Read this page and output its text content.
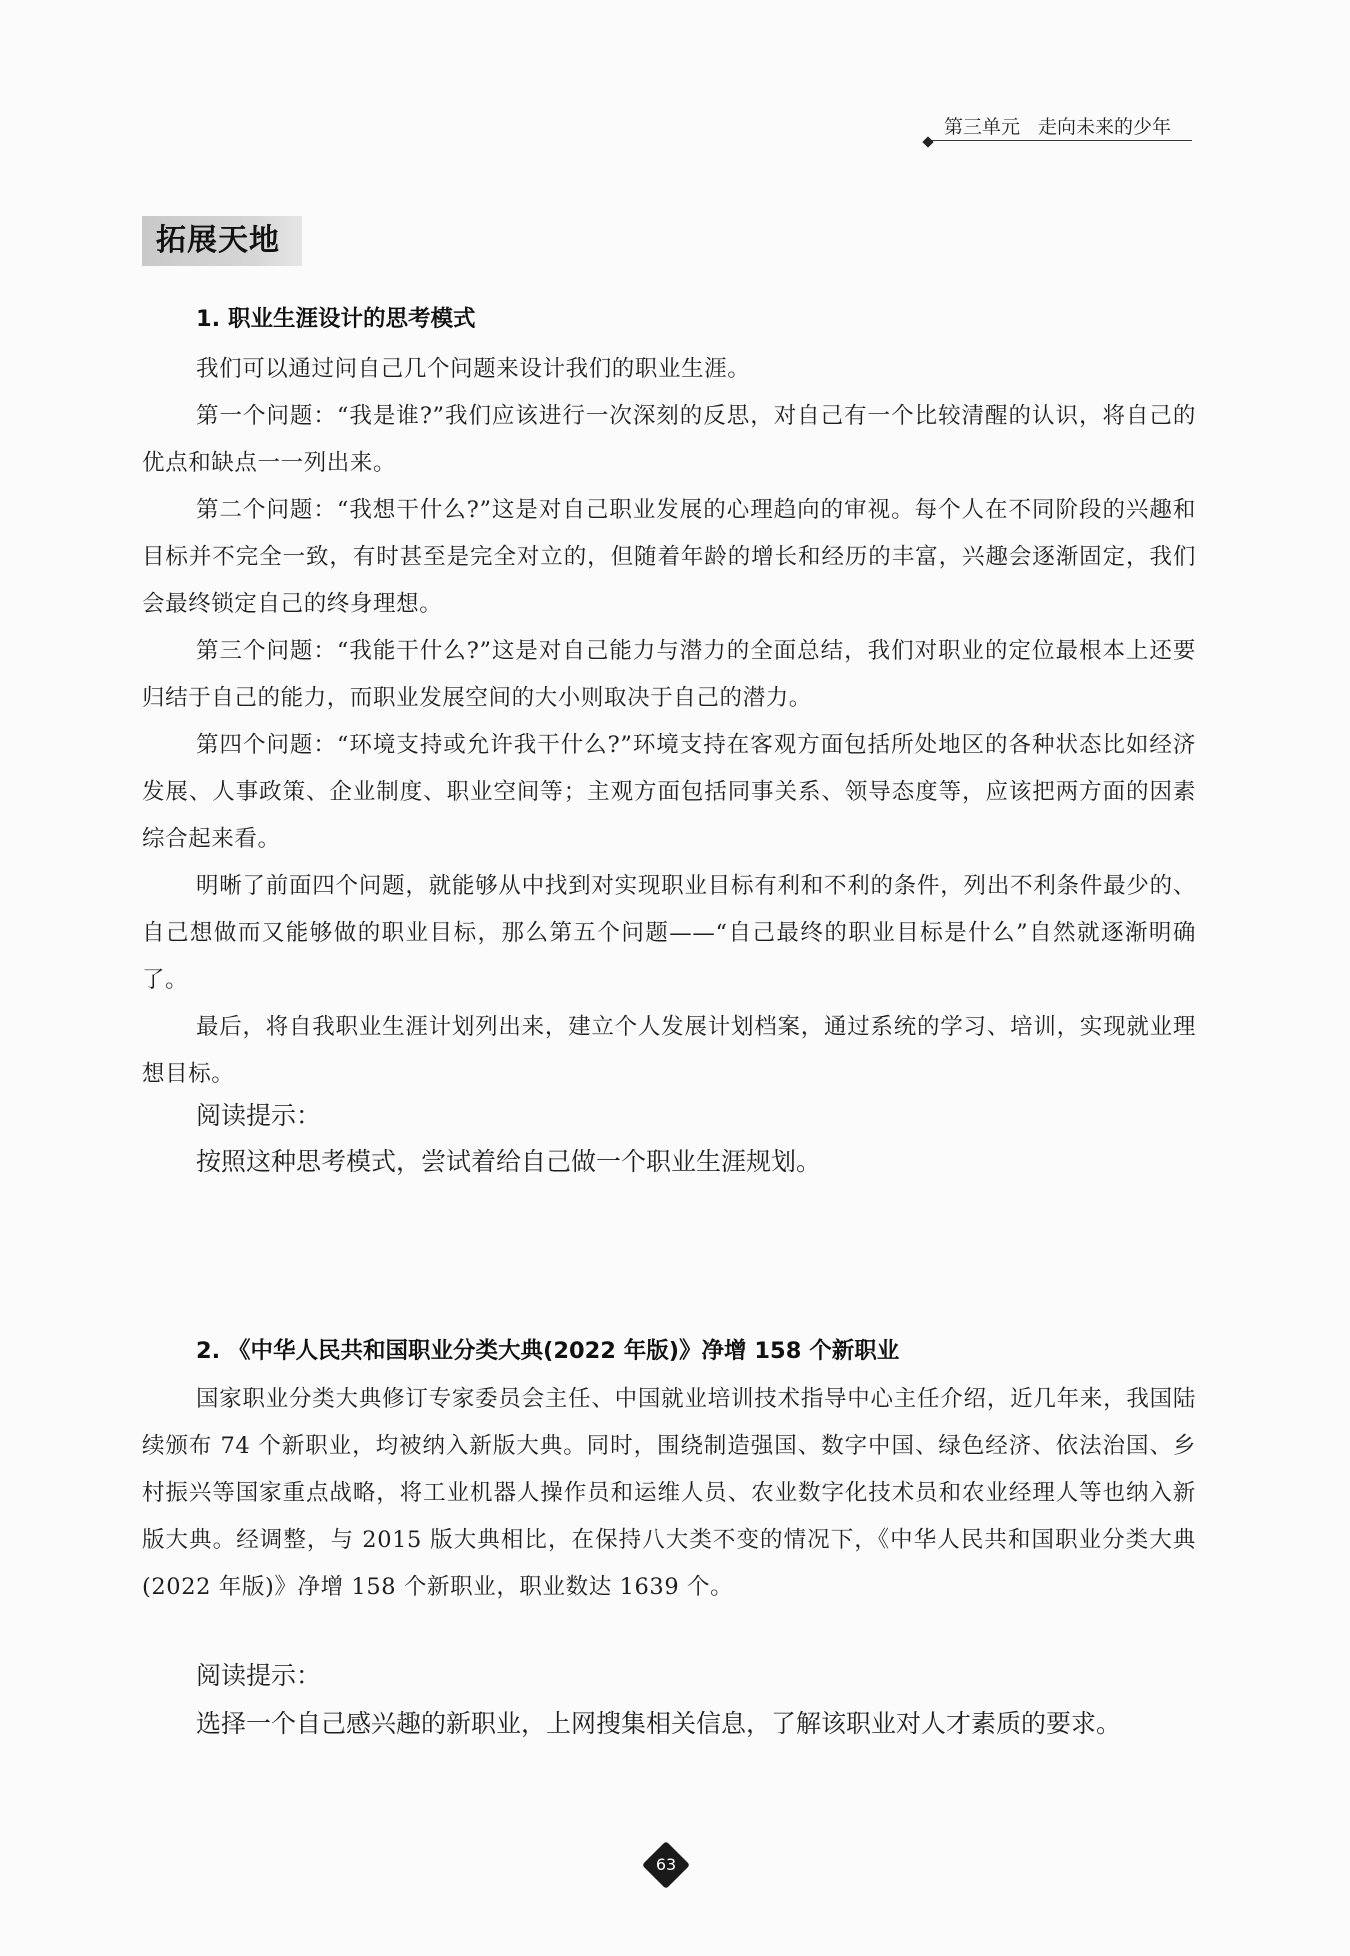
第三单元 走向未来的少年
拓展天地
1. 职业生涯设计的思考模式

我们可以通过问自己几个问题来设计我们的职业生涯。

第一个问题：“我是谁?”我们应该进行一次深刻的反思，对自己有一个比较清醒的认识，将自己的优点和缺点一一列出来。

第二个问题：“我想干什么?”这是对自己职业发展的心理趋向的审视。每个人在不同阶段的兴趣和目标并不完全一致，有时甚至是完全对立的，但随着年龄的增长和经历的丰富，兴趣会逐渐固定，我们会最终锁定自己的终身理想。

第三个问题：“我能干什么?”这是对自己能力与潜力的全面总结，我们对职业的定位最根本上还要归结于自己的能力，而职业发展空间的大小则取决于自己的潜力。

第四个问题：“环境支持或允许我干什么?”环境支持在客观方面包括所处地区的各种状态比如经济发展、人事政策、企业制度、职业空间等；主观方面包括同事关系、领导态度等，应该把两方面的因素综合起来看。

明晰了前面四个问题，就能够从中找到对实现职业目标有利和不利的条件，列出不利条件最少的、自己想做而又能够做的职业目标，那么第五个问题——“自己最终的职业目标是什么”自然就逐渐明确了。

最后，将自我职业生涯计划列出来，建立个人发展计划档案，通过系统的学习、培训，实现就业理想目标。

阅读提示：
按照这种思考模式，尝试着给自己做一个职业生涯规划。
2. 《中华人民共和国职业分类大典(2022 年版)》净增 158 个新职业

国家职业分类大典修订专家委员会主任、中国就业培训技术指导中心主任介绍，近几年来，我国陆续颁布 74 个新职业，均被纳入新版大典。同时，围绕制造强国、数字中国、绿色经济、依法治国、乡村振兴等国家重点战略，将工业机器人操作员和运维人员、农业数字化技术员和农业经理人等也纳入新版大典。经调整，与 2015 版大典相比，在保持八大类不变的情况下，《中华人民共和国职业分类大典(2022 年版)》净增 158 个新职业，职业数达 1639 个。

阅读提示：
选择一个自己感兴趣的新职业，上网搜集相关信息，了解该职业对人才素质的要求。
63
